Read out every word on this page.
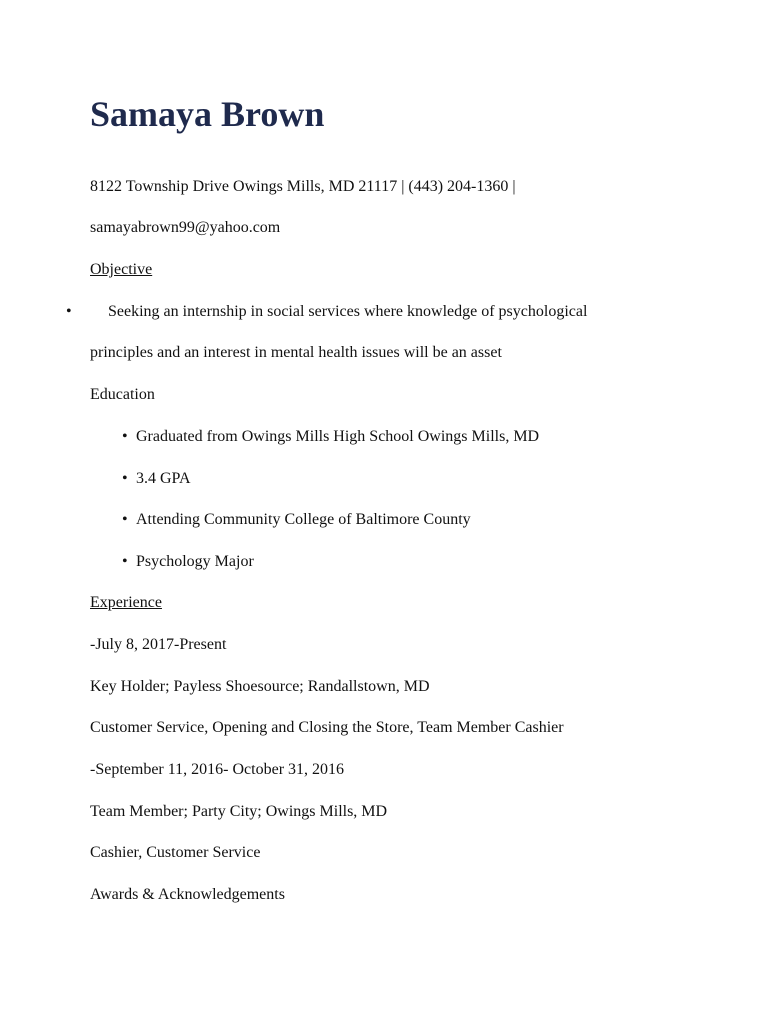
Samaya Brown
8122 Township Drive Owings Mills, MD 21117 | (443) 204-1360 |
samayabrown99@yahoo.com
Objective
• Seeking an internship in social services where knowledge of psychological
principles and an interest in mental health issues will be an asset
Education
• Graduated from Owings Mills High School Owings Mills, MD
• 3.4 GPA
• Attending Community College of Baltimore County
• Psychology Major
Experience
-July 8, 2017-Present
Key Holder; Payless Shoesource; Randallstown, MD
Customer Service, Opening and Closing the Store, Team Member Cashier
-September 11, 2016- October 31, 2016
Team Member; Party City; Owings Mills, MD
Cashier, Customer Service
Awards & Acknowledgements
